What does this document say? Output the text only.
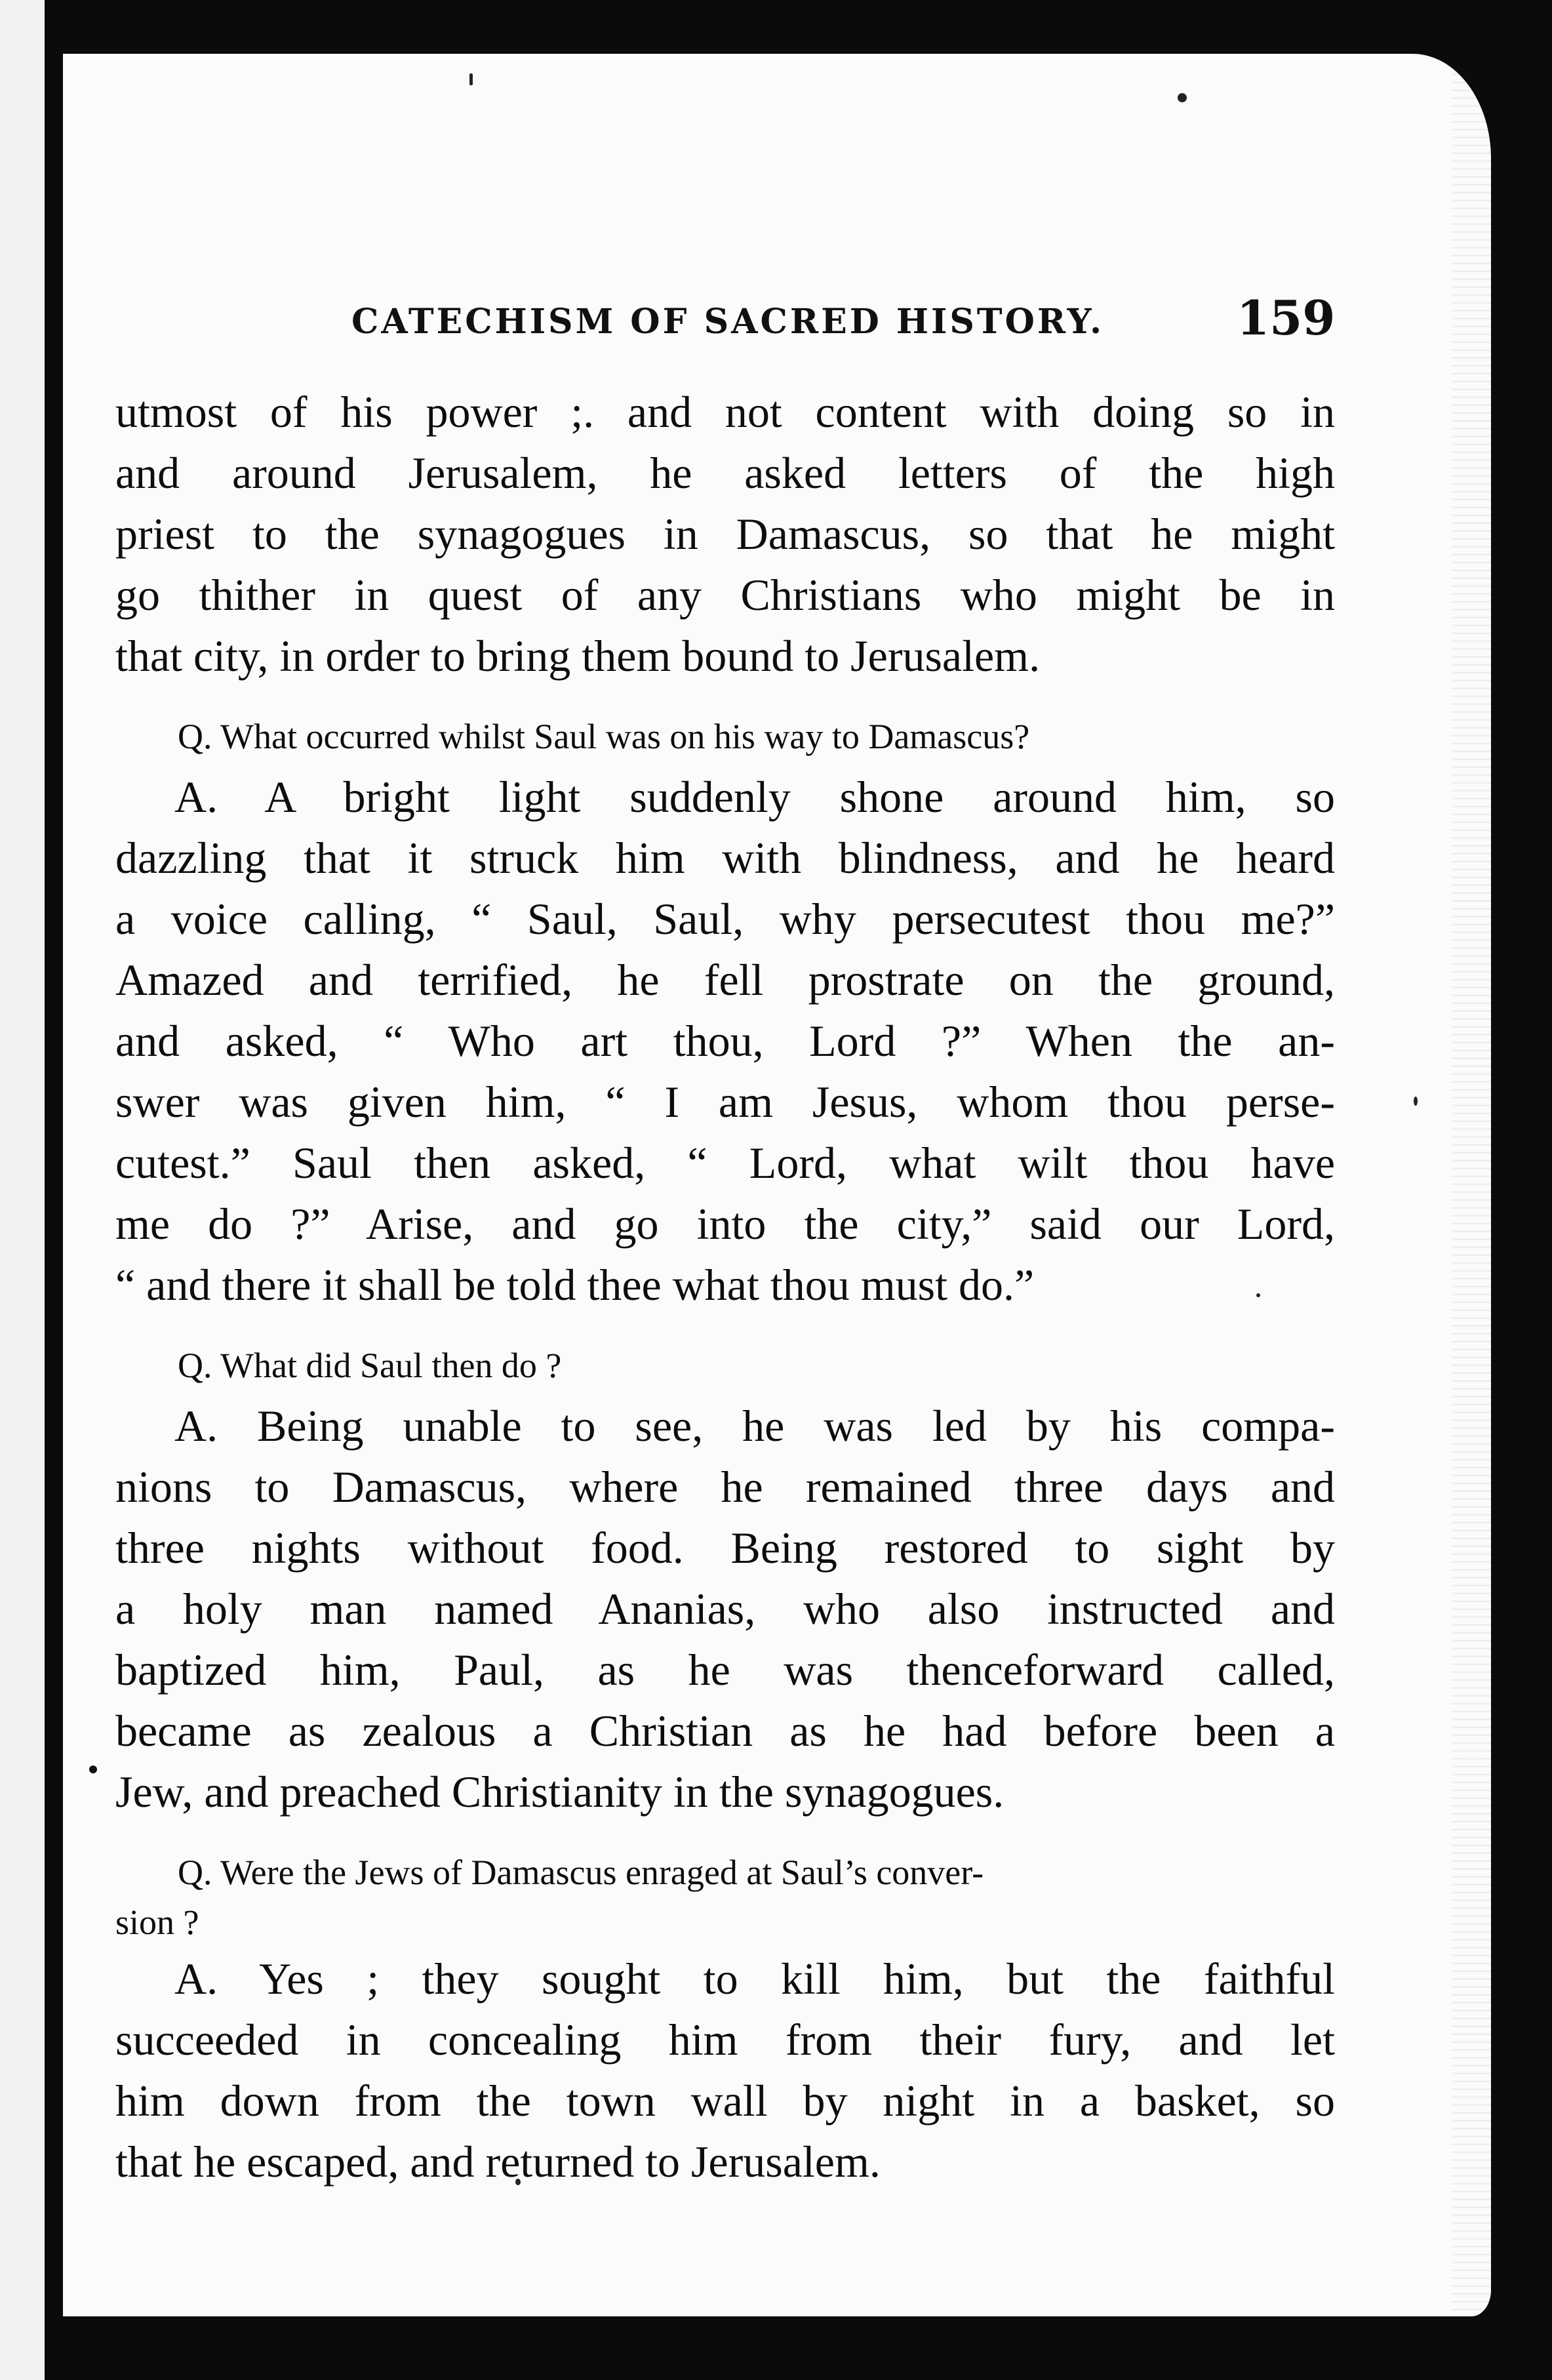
CATECHISM OF SACRED HISTORY.	159
utmost of his power ;. and not content with doing so in
and around Jerusalem, he asked letters of the high
priest to the synagogues in Damascus, so that he might
go thither in quest of any Christians who might be in
that city, in order to bring them bound to Jerusalem.
Q. What occurred whilst Saul was on his way to Damascus?
A. A bright light suddenly shone around him, so
dazzling that it struck him with blindness, and he heard
a voice calling, “ Saul, Saul, why persecutest thou me?”
Amazed and terrified, he fell prostrate on the ground,
and asked, “ Who art thou, Lord ?” When the an-
swer was given him, “ I am Jesus, whom thou perse-
cutest.” Saul then asked, “ Lord, what wilt thou have
me do ?” Arise, and go into the city,” said our Lord,
“ and there it shall be told thee what thou must do.”
Q. What did Saul then do ?
A. Being unable to see, he was led by his compa-
nions to Damascus, where he remained three days and
three nights without food. Being restored to sight by
a holy man named Ananias, who also instructed and
baptized him, Paul, as he was thenceforward called,
became as zealous a Christian as he had before been a
Jew, and preached Christianity in the synagogues.
Q. Were the Jews of Damascus enraged at Saul’s conver-
sion ?
A. Yes ; they sought to kill him, but the faithful
succeeded in concealing him from their fury, and let
him down from the town wall by night in a basket, so
that he escaped, and returned to Jerusalem.
